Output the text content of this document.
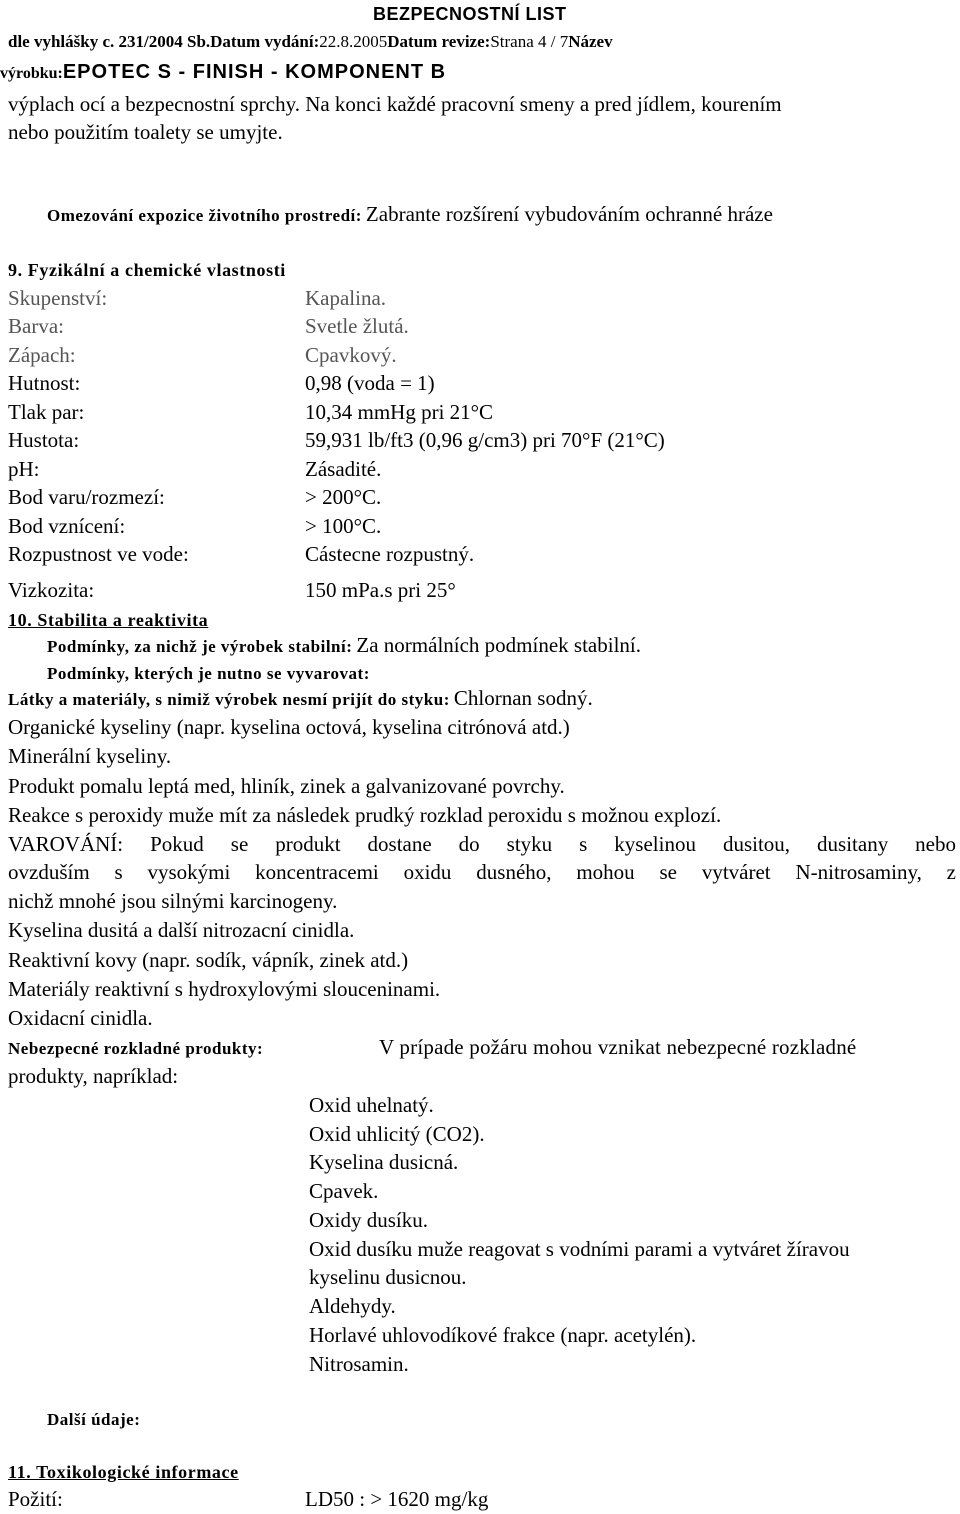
BEZPECNOSTNÍ LIST
dle vyhlášky c. 231/2004 Sb.Datum vydání:22.8.2005Datum revize:Strana 4 / 7Název
výrobku:EPOTEC S - FINISH - KOMPONENT B
výplach ocí a bezpecnostní sprchy. Na konci každé pracovní smeny a pred jídlem, kourením
nebo použitím toalety se umyjte.
Omezování expozice životního prostredí: Zabrante rozšírení vybudováním ochranné hráze
9. Fyzikální a chemické vlastnosti
Skupenství:	Kapalina.
Barva:	Svetle žlutá.
Zápach:	Cpavkový.
Hutnost:	0,98 (voda = 1)
Tlak par:	10,34 mmHg pri 21°C
Hustota:	59,931 lb/ft3 (0,96 g/cm3) pri 70°F (21°C)
pH:	Zásadité.
Bod varu/rozmezí:	> 200°C.
Bod vznícení:	> 100°C.
Rozpustnost ve vode:	Cástecne rozpustný.
Vizkozita:	150 mPa.s pri 25°
10. Stabilita a reaktivita
Podmínky, za nichž je výrobek stabilní: Za normálních podmínek stabilní.
Podmínky, kterých je nutno se vyvarovat:
Látky a materiály, s nimiž výrobek nesmí prijít do styku: Chlornan sodný.
Organické kyseliny (napr. kyselina octová, kyselina citrónová atd.)
Minerální kyseliny.
Produkt pomalu leptá med, hliník, zinek a galvanizované povrchy.
Reakce s peroxidy muže mít za následek prudký rozklad peroxidu s možnou explozí.
VAROVÁNÍ: Pokud se produkt dostane do styku s kyselinou dusitou, dusitany nebo
ovzduším s vysokými koncentracemi oxidu dusného, mohou se vytváret N-nitrosaminy, z
nichž mnohé jsou silnými karcinogeny.
Kyselina dusitá a další nitrozacní cinidla.
Reaktivní kovy (napr. sodík, vápník, zinek atd.)
Materiály reaktivní s hydroxylovými slouceninami.
Oxidacní cinidla.
Nebezpecné rozkladné produkty:	V prípade požáru mohou vznikat nebezpecné rozkladné
produkty, napríklad:
Oxid uhelnatý.
Oxid uhlicitý (CO2).
Kyselina dusicná.
Cpavek.
Oxidy dusíku.
Oxid dusíku muže reagovat s vodními parami a vytváret žíravou
kyselinu dusicnou.
Aldehydy.
Horlavé uhlovodíkové frakce (napr. acetylén).
Nitrosamin.
Další údaje:
11. Toxikologické informace
Požití:	LD50 : > 1620 mg/kg
